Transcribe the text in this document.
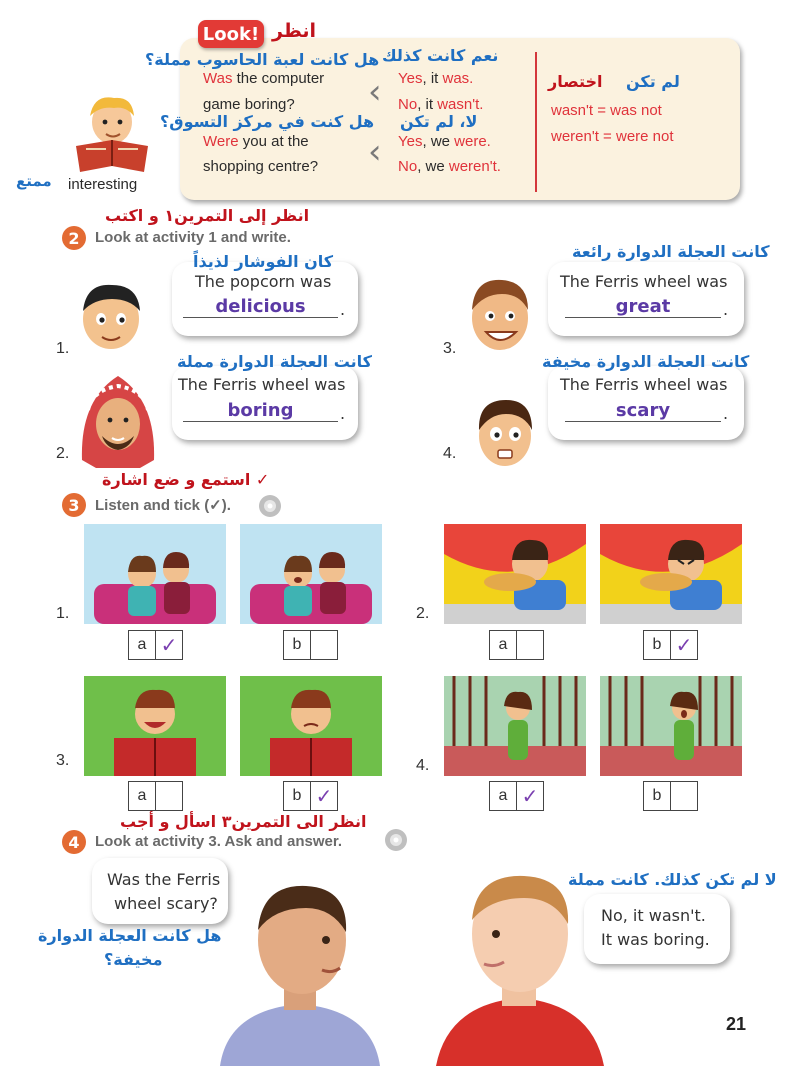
Look! انظر
interesting
ممتع
هل كانت لعبة الحاسوب مملة؟
Was the computer
game boring?
هل كنت في مركز التسوق؟
Were you at the
shopping centre?
‹
‹
نعم كانت كذلك
Yes, it was.
No, it wasn't.
لا، لم تكن
Yes, we were.
No, we weren't.
اختصار لم تكن
wasn't = was not
weren't = were not
انظر إلى التمرين١ و اكتب
2	Look at activity 1 and write.
1.
كان الفوشار لذيذاً
The popcorn was
delicious	.
2.
كانت العجلة الدوارة مملة
The Ferris wheel was
boring	.
3.
كانت العجلة الدوارة رائعة
The Ferris wheel was
great	.
4.
كانت العجلة الدوارة مخيفة
The Ferris wheel was
scary	.
استمع و ضع اشارة ✓
3	Listen and tick (✓).
1.	2.
a ✓	b	a	b ✓
3.	4.
a	b ✓	a ✓	b
انظر الى التمرين٣ اسأل و أجب
4	Look at activity 3. Ask and answer.
Was the Ferris
wheel scary?
هل كانت العجلة الدوارة
مخيفة؟
لا لم تكن كذلك. كانت مملة
No, it wasn't.
It was boring.
21
